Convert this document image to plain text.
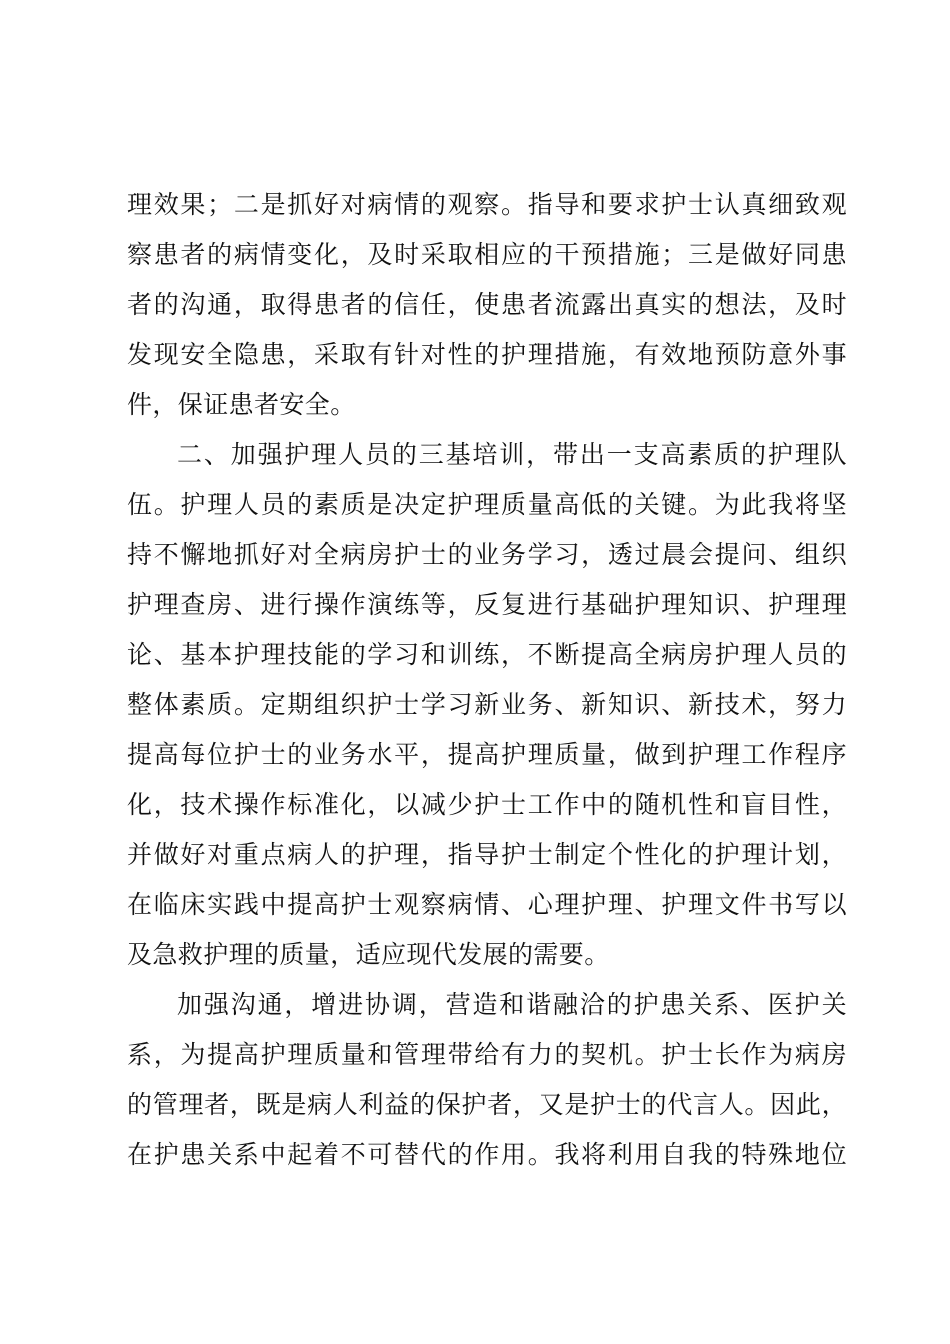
理效果；二是抓好对病情的观察。指导和要求护士认真细致观
察患者的病情变化，及时采取相应的干预措施；三是做好同患
者的沟通，取得患者的信任，使患者流露出真实的想法，及时
发现安全隐患，采取有针对性的护理措施，有效地预防意外事
件，保证患者安全。
二、加强护理人员的三基培训，带出一支高素质的护理队
伍。护理人员的素质是决定护理质量高低的关键。为此我将坚
持不懈地抓好对全病房护士的业务学习，透过晨会提问、组织
护理查房、进行操作演练等，反复进行基础护理知识、护理理
论、基本护理技能的学习和训练，不断提高全病房护理人员的
整体素质。定期组织护士学习新业务、新知识、新技术，努力
提高每位护士的业务水平，提高护理质量，做到护理工作程序
化，技术操作标准化，以减少护士工作中的随机性和盲目性，
并做好对重点病人的护理，指导护士制定个性化的护理计划，
在临床实践中提高护士观察病情、心理护理、护理文件书写以
及急救护理的质量，适应现代发展的需要。
加强沟通，增进协调，营造和谐融洽的护患关系、医护关
系，为提高护理质量和管理带给有力的契机。护士长作为病房
的管理者，既是病人利益的保护者，又是护士的代言人。因此，
在护患关系中起着不可替代的作用。我将利用自我的特殊地位
